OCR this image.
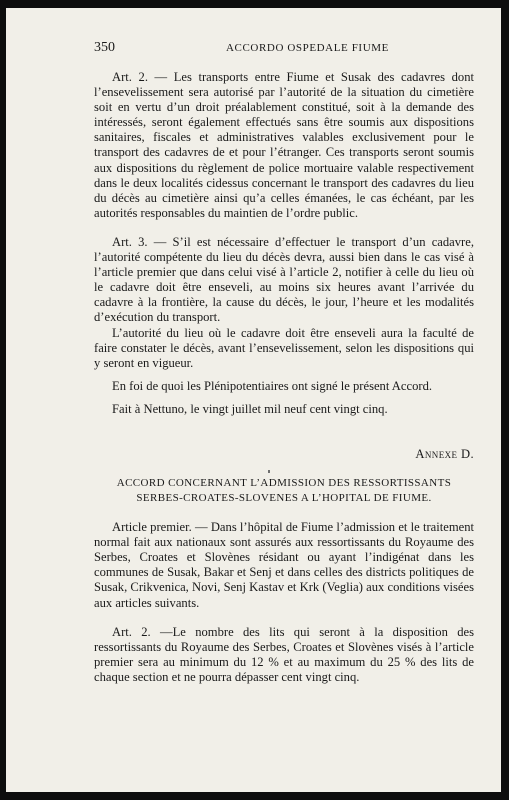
350	ACCORDO OSPEDALE FIUME

Art. 2. — Les transports entre Fiume et Susak des cadavres dont l’ensevelissement sera autorisé par l’autorité de la situation du cimetière soit en vertu d’un droit préalablement constitué, soit à la demande des intéressés, seront également effectués sans être soumis aux dispositions sanitaires, fiscales et administratives valables exclusivement pour le transport des cadavres de et pour l’étranger. Ces transports seront soumis aux dispositions du règlement de police mortuaire valable respectivement dans le deux localités cidessus concernant le transport des cadavres du lieu du décès au cimetière ainsi qu’a celles émanées, le cas échéant, par les autorités responsables du maintien de l’ordre public.

Art. 3. — S’il est nécessaire d’effectuer le transport d’un cadavre, l’autorité compétente du lieu du décès devra, aussi bien dans le cas visé à l’article premier que dans celui visé à l’article 2, notifier à celle du lieu où le cadavre doit être enseveli, au moins six heures avant l’arrivée du cadavre à la frontière, la cause du décès, le jour, l’heure et les modalités d’exécution du transport.

L’autorité du lieu où le cadavre doit être enseveli aura la faculté de faire constater le décès, avant l’ensevelissement, selon les dispositions qui y seront en vigueur.

En foi de quoi les Plénipotentiaires ont signé le présent Accord.

Fait à Nettuno, le vingt juillet mil neuf cent vingt cinq.

Annexe D.

ACCORD CONCERNANT L’ADMISSION DES RESSORTISSANTS
SERBES-CROATES-SLOVENES A L’HOPITAL DE FIUME.

Article premier. — Dans l’hôpital de Fiume l’admission et le traitement normal fait aux nationaux sont assurés aux ressortissants du Royaume des Serbes, Croates et Slovènes résidant ou ayant l’indigénat dans les communes de Susak, Bakar et Senj et dans celles des districts politiques de Susak, Crikvenica, Novi, Senj Kastav et Krk (Veglia) aux conditions visées aux articles suivants.

Art. 2. —Le nombre des lits qui seront à la disposition des ressortissants du Royaume des Serbes, Croates et Slovènes visés à l’article premier sera au minimum du 12 % et au maximum du 25 % des lits de chaque section et ne pourra dépasser cent vingt cinq.
